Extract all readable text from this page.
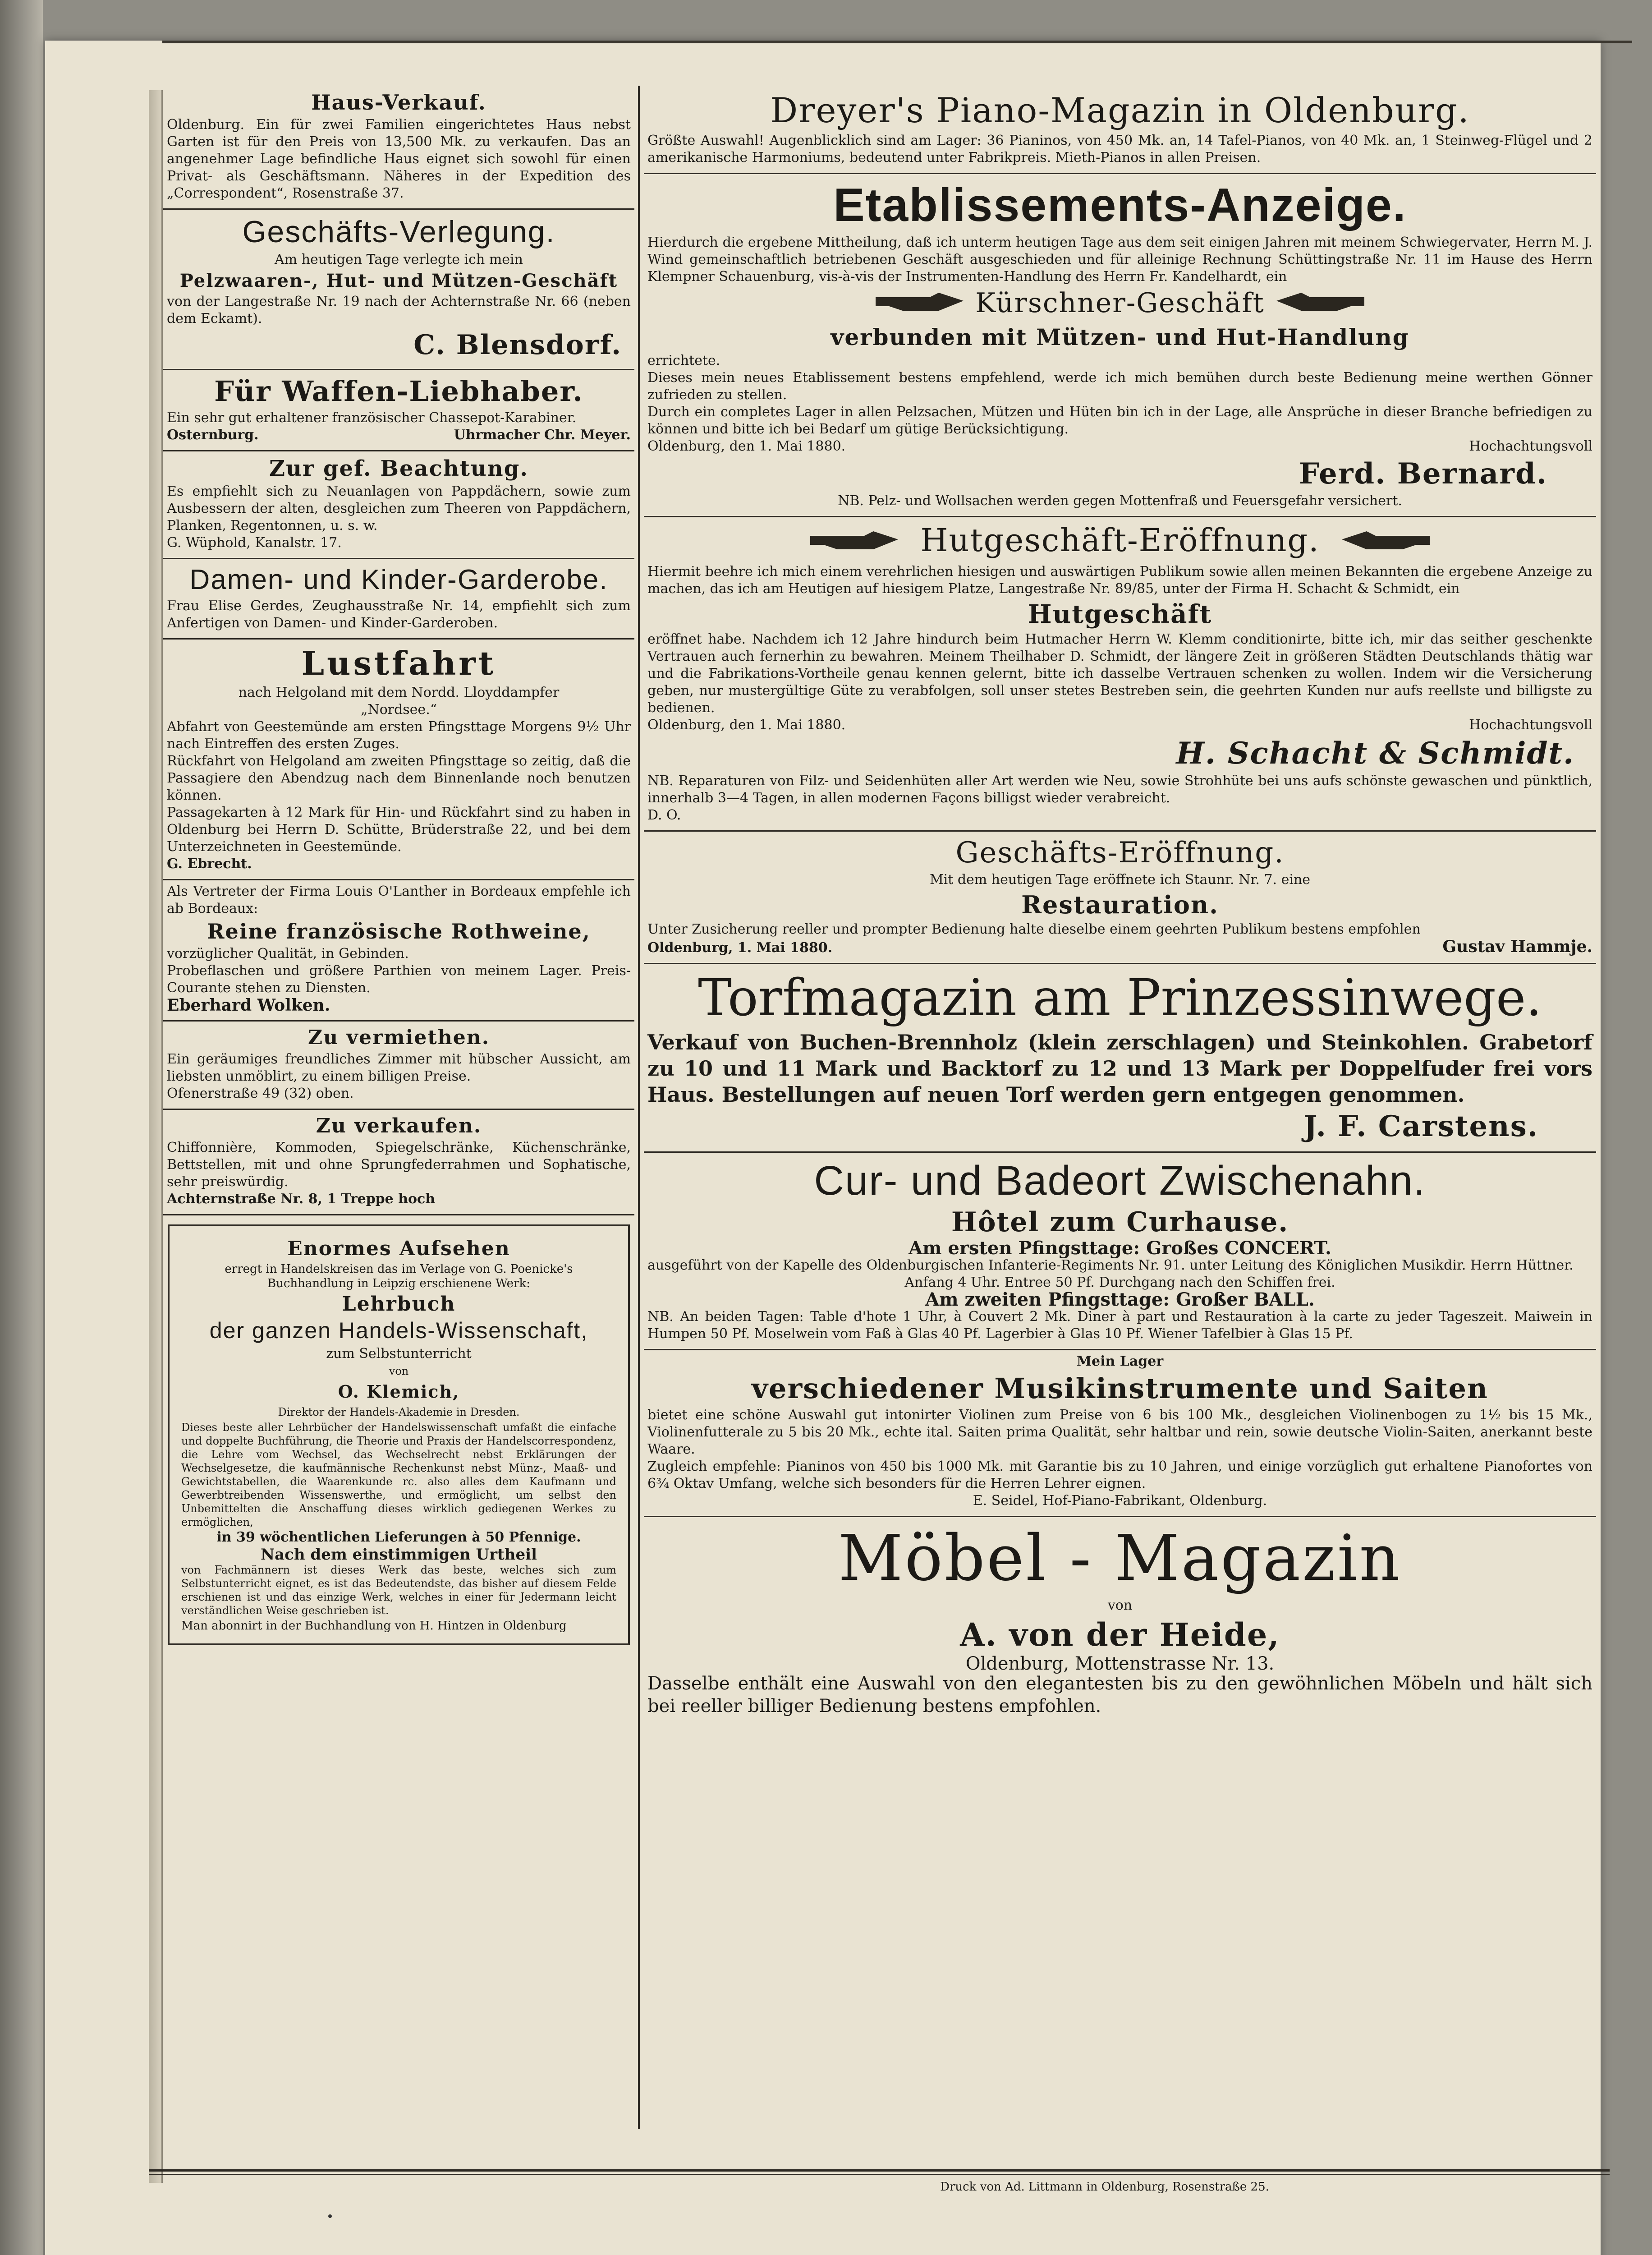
Haus-Verkauf.

Oldenburg. Ein für zwei Familien eingerichtetes Haus nebst Garten ist für den Preis von 13,500 Mk. zu verkaufen. Das an angenehmer Lage befindliche Haus eignet sich sowohl für einen Privat- als Geschäftsmann. Näheres in der Expedition des „Correspondent“, Rosenstraße 37.

Geschäfts-Verlegung.

Am heutigen Tage verlegte ich mein

Pelzwaaren-, Hut- und Mützen-Geschäft

von der Langestraße Nr. 19 nach der Achternstraße Nr. 66 (neben dem Eckamt).

C. Blensdorf.
Für Waffen-Liebhaber.

Ein sehr gut erhaltener französischer Chassepot-Karabiner.

Osternburg.	Uhrmacher Chr. Meyer.
Zur gef. Beachtung.

Es empfiehlt sich zu Neuanlagen von Pappdächern, sowie zum Ausbessern der alten, desgleichen zum Theeren von Pappdächern, Planken, Regentonnen, u. s. w.

G. Wüphold, Kanalstr. 17.

Damen- und Kinder-Garderobe.

Frau Elise Gerdes, Zeughausstraße Nr. 14, empfiehlt sich zum Anfertigen von Damen- und Kinder-Garderoben.

Lustfahrt

nach Helgoland mit dem Nordd. Lloyddampfer

„Nordsee.“

Abfahrt von Geestemünde am ersten Pfingsttage Morgens 9½ Uhr nach Eintreffen des ersten Zuges.

Rückfahrt von Helgoland am zweiten Pfingsttage so zeitig, daß die Passagiere den Abendzug nach dem Binnenlande noch benutzen können.

Passagekarten à 12 Mark für Hin- und Rückfahrt sind zu haben in Oldenburg bei Herrn D. Schütte, Brüderstraße 22, und bei dem Unterzeichneten in Geestemünde.

G. Ebrecht.

Als Vertreter der Firma Louis O'Lanther in Bordeaux empfehle ich ab Bordeaux:

Reine französische Rothweine,

vorzüglicher Qualität, in Gebinden.

Probeflaschen und größere Parthien von meinem Lager. Preis-Courante stehen zu Diensten.

Eberhard Wolken.

Zu vermiethen.

Ein geräumiges freundliches Zimmer mit hübscher Aussicht, am liebsten unmöblirt, zu einem billigen Preise.

Ofenerstraße 49 (32) oben.

Zu verkaufen.

Chiffonnière, Kommoden, Spiegelschränke, Küchenschränke, Bettstellen, mit und ohne Sprungfederrahmen und Sophatische, sehr preiswürdig.

Achternstraße Nr. 8, 1 Treppe hoch

Enormes Aufsehen

erregt in Handelskreisen das im Verlage von G. Poenicke's Buchhandlung in Leipzig erschienene Werk:

Lehrbuch
der ganzen Handels-Wissenschaft,

zum Selbstunterricht

von

O. Klemich,

Direktor der Handels-Akademie in Dresden.

Dieses beste aller Lehrbücher der Handelswissenschaft umfaßt die einfache und doppelte Buchführung, die Theorie und Praxis der Handelscorrespondenz, die Lehre vom Wechsel, das Wechselrecht nebst Erklärungen der Wechselgesetze, die kaufmännische Rechenkunst nebst Münz-, Maaß- und Gewichtstabellen, die Waarenkunde rc. also alles dem Kaufmann und Gewerbtreibenden Wissenswerthe, und ermöglicht, um selbst den Unbemittelten die Anschaffung dieses wirklich gediegenen Werkes zu ermöglichen,

in 39 wöchentlichen Lieferungen à 50 Pfennige.

Nach dem einstimmigen Urtheil

von Fachmännern ist dieses Werk das beste, welches sich zum Selbstunterricht eignet, es ist das Bedeutendste, das bisher auf diesem Felde erschienen ist und das einzige Werk, welches in einer für Jedermann leicht verständlichen Weise geschrieben ist.

Man abonnirt in der Buchhandlung von H. Hintzen in Oldenburg

Dreyer's Piano-Magazin in Oldenburg.

Größte Auswahl! Augenblicklich sind am Lager: 36 Pianinos, von 450 Mk. an, 14 Tafel-Pianos, von 40 Mk. an, 1 Steinweg-Flügel und 2 amerikanische Harmoniums, bedeutend unter Fabrikpreis. Mieth-Pianos in allen Preisen.

Etablissements-Anzeige.

Hierdurch die ergebene Mittheilung, daß ich unterm heutigen Tage aus dem seit einigen Jahren mit meinem Schwiegervater, Herrn M. J. Wind gemeinschaftlich betriebenen Geschäft ausgeschieden und für alleinige Rechnung Schüttingstraße Nr. 11 im Hause des Herrn Klempner Schauenburg, vis-à-vis der Instrumenten-Handlung des Herrn Fr. Kandelhardt, ein

Kürschner-Geschäft
verbunden mit Mützen- und Hut-Handlung

errichtete.

Dieses mein neues Etablissement bestens empfehlend, werde ich mich bemühen durch beste Bedienung meine werthen Gönner zufrieden zu stellen.

Durch ein completes Lager in allen Pelzsachen, Mützen und Hüten bin ich in der Lage, alle Ansprüche in dieser Branche befriedigen zu können und bitte ich bei Bedarf um gütige Berücksichtigung.

Oldenburg, den 1. Mai 1880.	Hochachtungsvoll
Ferd. Bernard.

NB. Pelz- und Wollsachen werden gegen Mottenfraß und Feuersgefahr versichert.

Hutgeschäft-Eröffnung.

Hiermit beehre ich mich einem verehrlichen hiesigen und auswärtigen Publikum sowie allen meinen Bekannten die ergebene Anzeige zu machen, das ich am Heutigen auf hiesigem Platze, Langestraße Nr. 89/85, unter der Firma H. Schacht & Schmidt, ein

Hutgeschäft

eröffnet habe. Nachdem ich 12 Jahre hindurch beim Hutmacher Herrn W. Klemm conditionirte, bitte ich, mir das seither geschenkte Vertrauen auch fernerhin zu bewahren. Meinem Theilhaber D. Schmidt, der längere Zeit in größeren Städten Deutschlands thätig war und die Fabrikations-Vortheile genau kennen gelernt, bitte ich dasselbe Vertrauen schenken zu wollen. Indem wir die Versicherung geben, nur mustergültige Güte zu verabfolgen, soll unser stetes Bestreben sein, die geehrten Kunden nur aufs reellste und billigste zu bedienen.

Oldenburg, den 1. Mai 1880.	Hochachtungsvoll
H. Schacht & Schmidt.

NB. Reparaturen von Filz- und Seidenhüten aller Art werden wie Neu, sowie Strohhüte bei uns aufs schönste gewaschen und pünktlich, innerhalb 3—4 Tagen, in allen modernen Façons billigst wieder verabreicht.

D. O.

Geschäfts-Eröffnung.

Mit dem heutigen Tage eröffnete ich Staunr. Nr. 7. eine

Restauration.

Unter Zusicherung reeller und prompter Bedienung halte dieselbe einem geehrten Publikum bestens empfohlen

Oldenburg, 1. Mai 1880.	Gustav Hammje.
Torfmagazin am Prinzessinwege.

Verkauf von Buchen-Brennholz (klein zerschlagen) und Steinkohlen. Grabetorf zu 10 und 11 Mark und Backtorf zu 12 und 13 Mark per Doppelfuder frei vors Haus. Bestellungen auf neuen Torf werden gern entgegen genommen.

J. F. Carstens.
Cur- und Badeort Zwischenahn.
Hôtel zum Curhause.

Am ersten Pfingsttage: Großes CONCERT.

ausgeführt von der Kapelle des Oldenburgischen Infanterie-Regiments Nr. 91. unter Leitung des Königlichen Musikdir. Herrn Hüttner.

Anfang 4 Uhr. Entree 50 Pf. Durchgang nach den Schiffen frei.

Am zweiten Pfingsttage: Großer BALL.

NB. An beiden Tagen: Table d'hote 1 Uhr, à Couvert 2 Mk. Diner à part und Restauration à la carte zu jeder Tageszeit. Maiwein in Humpen 50 Pf. Moselwein vom Faß à Glas 40 Pf. Lagerbier à Glas 10 Pf. Wiener Tafelbier à Glas 15 Pf.

Mein Lager

verschiedener Musikinstrumente und Saiten

bietet eine schöne Auswahl gut intonirter Violinen zum Preise von 6 bis 100 Mk., desgleichen Violinenbogen zu 1½ bis 15 Mk., Violinenfutterale zu 5 bis 20 Mk., echte ital. Saiten prima Qualität, sehr haltbar und rein, sowie deutsche Violin-Saiten, anerkannt beste Waare.

Zugleich empfehle: Pianinos von 450 bis 1000 Mk. mit Garantie bis zu 10 Jahren, und einige vorzüglich gut erhaltene Pianofortes von 6¾ Oktav Umfang, welche sich besonders für die Herren Lehrer eignen.

E. Seidel, Hof-Piano-Fabrikant, Oldenburg.

Möbel - Magazin

von

A. von der Heide,

Oldenburg, Mottenstrasse Nr. 13.

Dasselbe enthält eine Auswahl von den elegantesten bis zu den gewöhnlichen Möbeln und hält sich bei reeller billiger Bedienung bestens empfohlen.

Druck von Ad. Littmann in Oldenburg, Rosenstraße 25.
